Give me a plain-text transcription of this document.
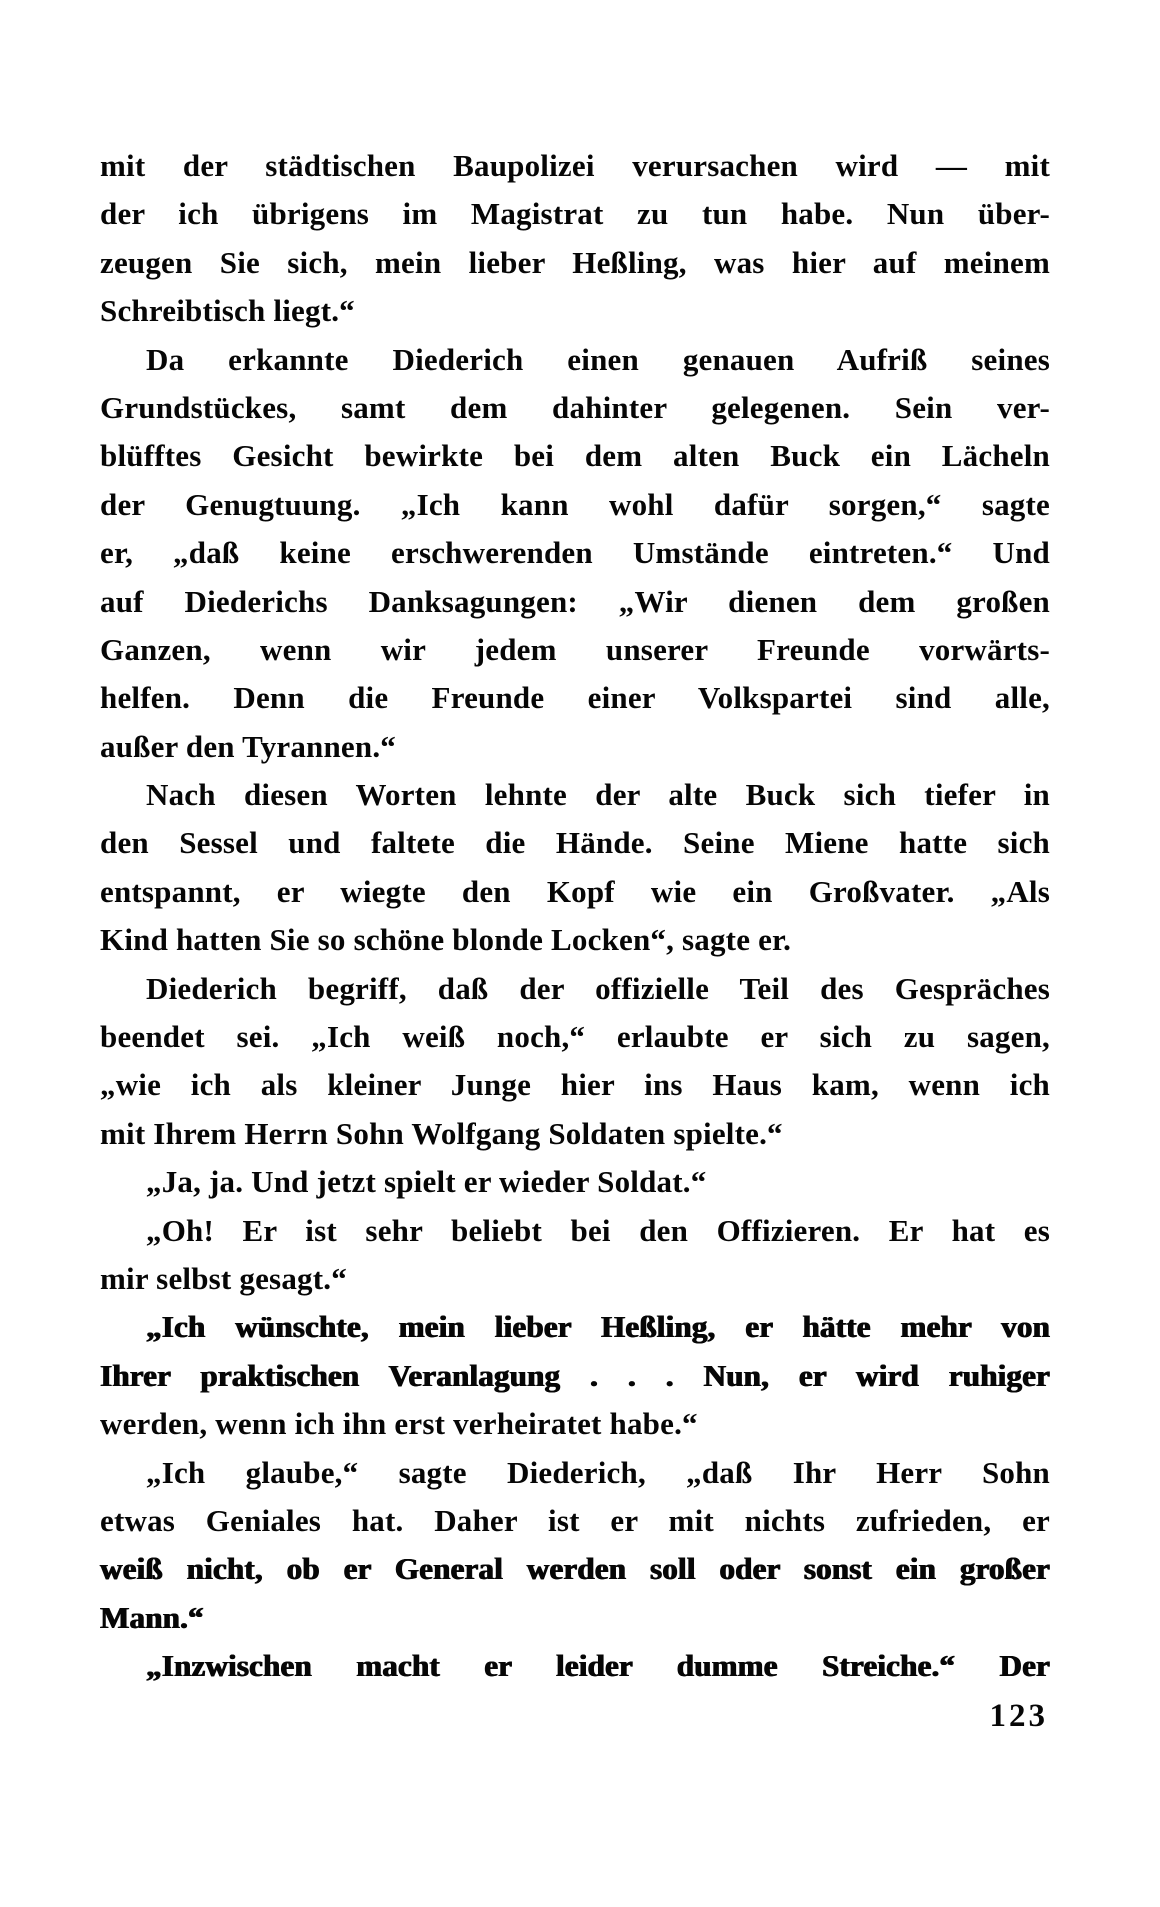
mit der städtischen Baupolizei verursachen wird — mit
der ich übrigens im Magistrat zu tun habe. Nun über-
zeugen Sie sich, mein lieber Heßling, was hier auf meinem
Schreibtisch liegt.“
Da erkannte Diederich einen genauen Aufriß seines
Grundstückes, samt dem dahinter gelegenen. Sein ver-
blüfftes Gesicht bewirkte bei dem alten Buck ein Lächeln
der Genugtuung. „Ich kann wohl dafür sorgen,“ sagte
er, „daß keine erschwerenden Umstände eintreten.“ Und
auf Diederichs Danksagungen: „Wir dienen dem großen
Ganzen, wenn wir jedem unserer Freunde vorwärts-
helfen. Denn die Freunde einer Volkspartei sind alle,
außer den Tyrannen.“
Nach diesen Worten lehnte der alte Buck sich tiefer in
den Sessel und faltete die Hände. Seine Miene hatte sich
entspannt, er wiegte den Kopf wie ein Großvater. „Als
Kind hatten Sie so schöne blonde Locken“, sagte er.
Diederich begriff, daß der offizielle Teil des Gespräches
beendet sei. „Ich weiß noch,“ erlaubte er sich zu sagen,
„wie ich als kleiner Junge hier ins Haus kam, wenn ich
mit Ihrem Herrn Sohn Wolfgang Soldaten spielte.“
„Ja, ja. Und jetzt spielt er wieder Soldat.“
„Oh! Er ist sehr beliebt bei den Offizieren. Er hat es
mir selbst gesagt.“
„Ich wünschte, mein lieber Heßling, er hätte mehr von
Ihrer praktischen Veranlagung . . . Nun, er wird ruhiger
werden, wenn ich ihn erst verheiratet habe.“
„Ich glaube,“ sagte Diederich, „daß Ihr Herr Sohn
etwas Geniales hat. Daher ist er mit nichts zufrieden, er
weiß nicht, ob er General werden soll oder sonst ein großer
Mann.“
„Inzwischen macht er leider dumme Streiche.“ Der
123
